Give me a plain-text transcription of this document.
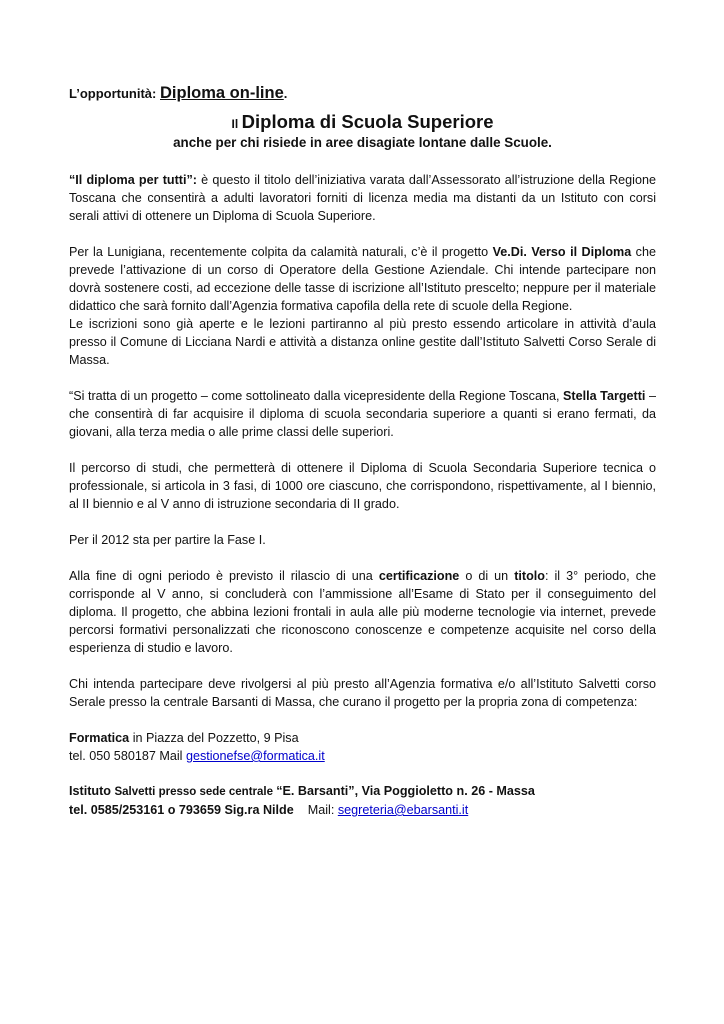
L’opportunità: Diploma on-line.

Il Diploma di Scuola Superiore

anche per chi risiede in aree disagiate lontane dalle Scuole.

“Il diploma per tutti”: è questo il titolo dell’iniziativa varata dall’Assessorato all’istruzione della Regione Toscana che consentirà a adulti lavoratori forniti di licenza media ma distanti da un Istituto con corsi serali attivi di ottenere un Diploma di Scuola Superiore.

Per la Lunigiana, recentemente colpita da calamità naturali, c’è il progetto Ve.Di. Verso il Diploma che prevede l’attivazione di un corso di Operatore della Gestione Aziendale. Chi intende partecipare non dovrà sostenere costi, ad eccezione delle tasse di iscrizione all’Istituto prescelto; neppure per il materiale didattico che sarà fornito dall’Agenzia formativa capofila della rete di scuole della Regione.
Le iscrizioni sono già aperte e le lezioni partiranno al più presto essendo articolare in attività d’aula presso il Comune di Licciana Nardi e attività a distanza online gestite dall’Istituto Salvetti Corso Serale di Massa.

“Si tratta di un progetto – come sottolineato dalla vicepresidente della Regione Toscana, Stella Targetti – che consentirà di far acquisire il diploma di scuola secondaria superiore a quanti si erano fermati, da giovani, alla terza media o alle prime classi delle superiori.

Il percorso di studi, che permetterà di ottenere il Diploma di Scuola Secondaria Superiore tecnica o professionale, si articola in 3 fasi, di 1000 ore ciascuno, che corrispondono, rispettivamente, al I biennio, al II biennio e al V anno di istruzione secondaria di II grado.

Per il 2012 sta per partire la Fase I.

Alla fine di ogni periodo è previsto il rilascio di una certificazione o di un titolo: il 3° periodo, che corrisponde al V anno, si concluderà con l’ammissione all’Esame di Stato per il conseguimento del diploma. Il progetto, che abbina lezioni frontali in aula alle più moderne tecnologie via internet, prevede percorsi formativi personalizzati che riconoscono conoscenze e competenze acquisite nel corso della esperienza di studio e lavoro.

Chi intenda partecipare deve rivolgersi al più presto all’Agenzia formativa e/o all’Istituto Salvetti corso Serale presso la centrale Barsanti di Massa, che curano il progetto per la propria zona di competenza:

Formatica in Piazza del Pozzetto, 9 Pisa

tel. 050 580187 Mail gestionefse@formatica.it

Istituto Salvetti presso sede centrale “E. Barsanti”, Via Poggioletto n. 26 - Massa

tel. 0585/253161 o 793659 Sig.ra Nilde    Mail: segreteria@ebarsanti.it
